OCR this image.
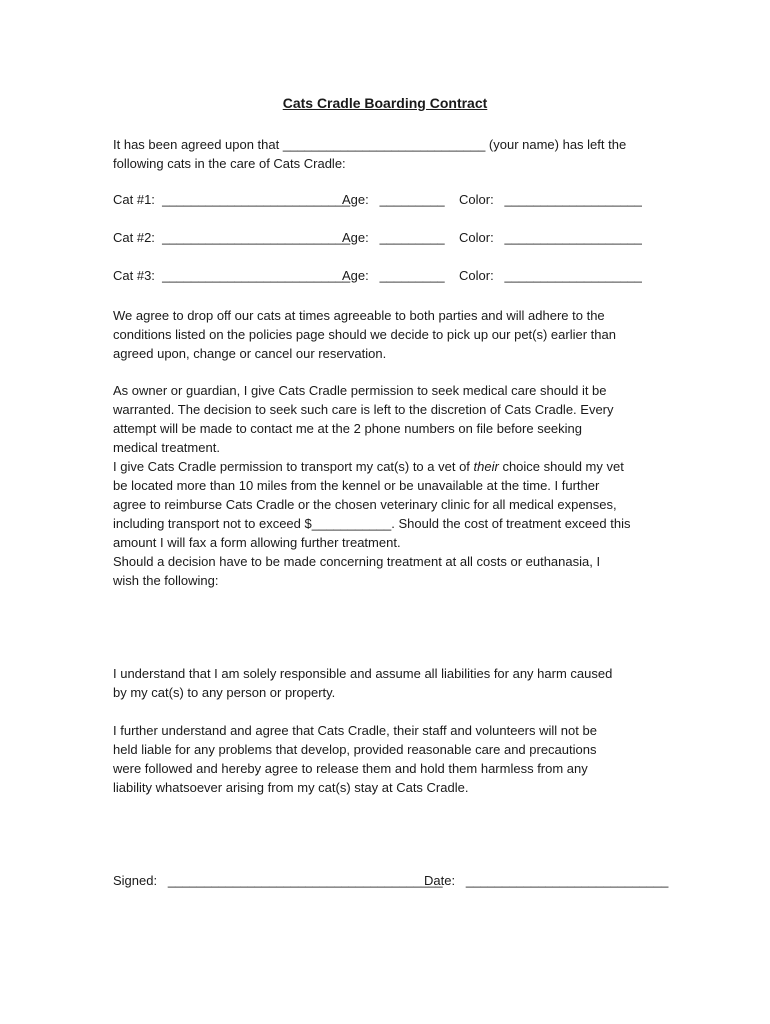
Cats Cradle Boarding Contract

It has been agreed upon that ____________________________ (your name) has left the

following cats in the care of Cats Cradle:

Cat #1:  __________________________
Age:   _________ Color:   ___________________
Cat #2:  __________________________
Age:   _________ Color:   ___________________
Cat #3:  __________________________
Age:   _________ Color:   ___________________

We agree to drop off our cats at times agreeable to both parties and will adhere to the

conditions listed on the policies page should we decide to pick up our pet(s) earlier than

agreed upon, change or cancel our reservation.

As owner or guardian, I give Cats Cradle permission to seek medical care should it be

warranted. The decision to seek such care is left to the discretion of Cats Cradle. Every

attempt will be made to contact me at the 2 phone numbers on file before seeking

medical treatment.

I give Cats Cradle permission to transport my cat(s) to a vet of their choice should my vet

be located more than 10 miles from the kennel or be unavailable at the time. I further

agree to reimburse Cats Cradle or the chosen veterinary clinic for all medical expenses,

including transport not to exceed $___________. Should the cost of treatment exceed this

amount I will fax a form allowing further treatment.

Should a decision have to be made concerning treatment at all costs or euthanasia, I

wish the following:

I understand that I am solely responsible and assume all liabilities for any harm caused

by my cat(s) to any person or property.

I further understand and agree that Cats Cradle, their staff and volunteers will not be

held liable for any problems that develop, provided reasonable care and precautions

were followed and hereby agree to release them and hold them harmless from any

liability whatsoever arising from my cat(s) stay at Cats Cradle.

Signed:   ______________________________________
Date:   ____________________________
